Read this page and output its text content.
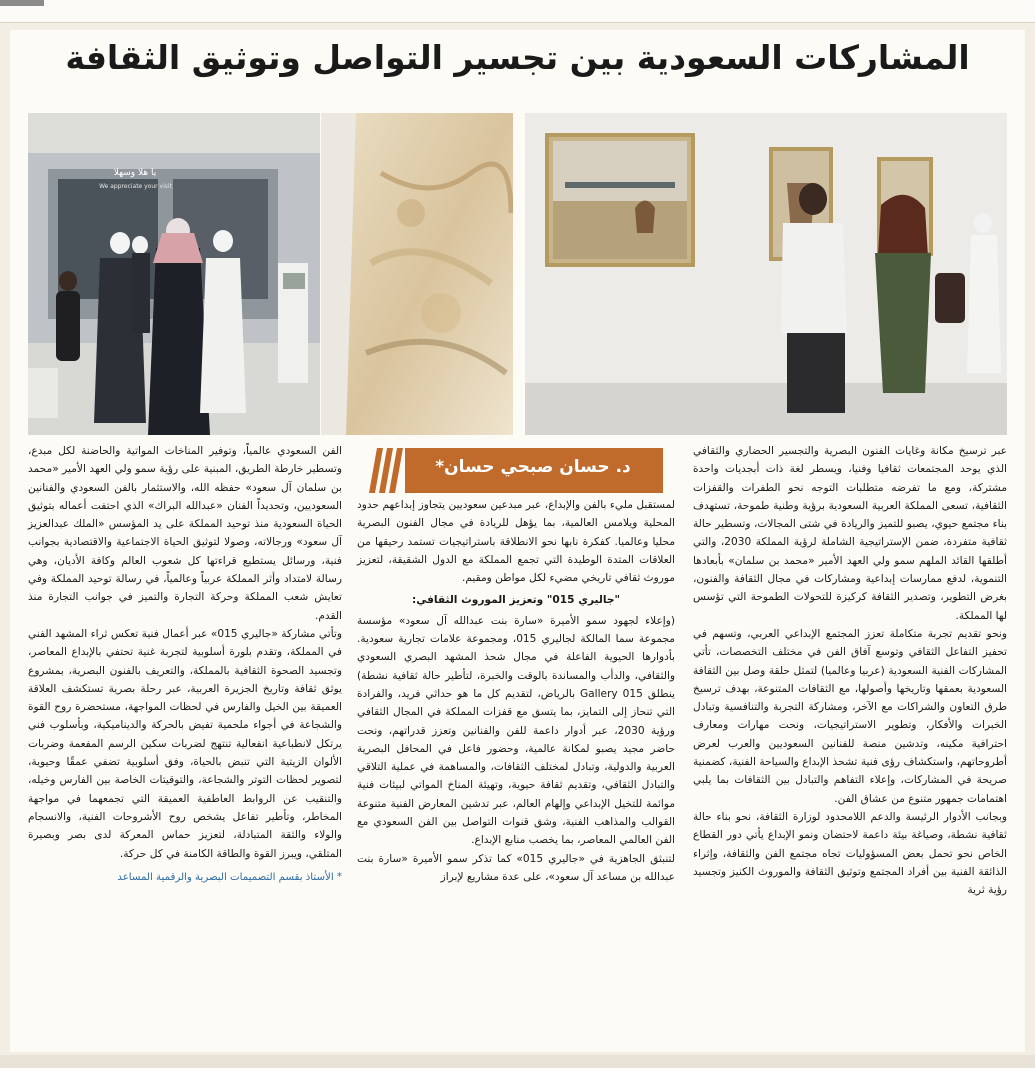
المشاركات السعودية بين تجسير التواصل وتوثيق الثقافة
يا هلا وسهلا
We appreciate your visit

عبر ترسيخ مكانة وغايات الفنون البصرية والتجسير الحضاري والثقافي الذي يوحد المجتمعات ثقافيا وفنيا، ويسطر لغة ذات أبجديات واحدة مشتركة، ومع ما تفرضه متطلبات التوجه نحو الطفرات والقفزات الثقافية، تسعى المملكة العربية السعودية برؤية وطنية طموحة، تستهدف بناء مجتمع حيوي، يصبو للتميز والريادة في شتى المجالات، وتسطير حالة ثقافية متفردة، ضمن الإستراتيجية الشاملة لرؤية المملكة 2030، والتي أطلقها القائد الملهم سمو ولي العهد الأمير «محمد بن سلمان» بأبعادها التنموية، لدفع ممارسات إبداعية ومشاركات في مجال الثقافة والفنون، بغرض التطوير، وتصدير الثقافة كركيزة للتحولات الطموحة التي تؤسس لها المملكة.

ونحو تقديم تجربة متكاملة تعزز المجتمع الإبداعي العربي، وتسهم في تحفيز التفاعل الثقافي وتوسع آفاق الفن في مختلف التخصصات، تأتي المشاركات الفنية السعودية (عربيا وعالميا) لتمثل حلقة وصل بين الثقافة السعودية بعمقها وتاريخها وأصولها، مع الثقافات المتنوعة، بهدف ترسيخ طرق التعاون والشراكات مع الآخر، ومشاركة التجربة والتنافسية وتبادل الخبرات والأفكار، وتطوير الاستراتيجيات، ونحت مهارات ومعارف احترافية مكينه، وتدشين منصة للفنانين السعوديين والعرب لعرض أطروحاتهم، واستكشاف رؤى فنية تشحذ الإبداع والسياحة الفنية، كضمنية صريحة في المشاركات، وإعلاء التفاهم والتبادل بين الثقافات بما يلبي اهتمامات جمهور متنوع من عشاق الفن.

وبجانب الأدوار الرئيسة والدعم اللامحدود لوزارة الثقافة، نحو بناء حالة ثقافية نشطة، وصياغة بيئة داعمة لاحتضان ونمو الإبداع يأتي دور القطاع الخاص نحو تحمل بعض المسؤوليات تجاه مجتمع الفن والثقافة، وإثراء الذائقة الفنية بين أفراد المجتمع وتوثيق الثقافة والموروث الكنيز وتجسيد رؤية ثرية

د. حسان صبحي حسان*

لمستقبل مليء بالفن والإبداع، عبر مبدعين سعوديين يتجاوز إبداعهم حدود المحلية ويلامس العالمية، بما يؤهل للريادة في مجال الفنون البصرية محليا وعالميا. كفكرة نابها نحو الانطلاقة باستراتيجيات تستمد رحيقها من العلاقات المتدة الوطيدة التي تجمع المملكة مع الدول الشقيقة، لتعزيز موروث ثقافي تاريخي مضيء لكل مواطن ومقيم.

"جاليري 015" وتعزيز الموروث الثقافي:

(وإعلاء لجهود سمو الأميرة «سارة بنت عبدالله آل سعود» مؤسسة مجموعة سما المالكة لجاليري 015، ومجموعة علامات تجارية سعودية. بأدوارها الحيوية الفاعلة في مجال شحذ المشهد البصري السعودي والثقافي، والدأب والمساندة بالوقت والخبرة، لتأطير حالة ثقافية نشطة) ينطلق Gallery 015 بالرياض، لتقديم كل ما هو حداثي فريد، والفرادة التي تنحاز إلى التمايز، بما يتسق مع قفزات المملكة في المجال الثقافي ورؤية 2030، عبر أدوار داعمة للفن والفنانين وتعزز قدراتهم، ونحت حاضر مجيد يصبو لمكانة عالمية، وحضور فاعل في المحافل البصرية العربية والدولية، وتبادل لمختلف الثقافات، والمساهمة في عملية التلاقي والتبادل الثقافي، وتقديم ثقافة حيوية، وتهيئة المناخ المواتي لبيئات فنية موائمة للتخيل الإبداعي وإلهام العالم، عبر تدشين المعارض الفنية متنوعة القوالب والمذاهب الفنية، وشق قنوات التواصل بين الفن السعودي مع الفن العالمي المعاصر، بما يخصب منابع الإبداع.

لتنبثق الجاهزية في «جاليري 015» كما تذكر سمو الأميرة «سارة بنت عبدالله بن مساعد آل سعود»، على عدة مشاريع لإبراز

الفن السعودي عالمياً، وتوفير المناخات المواتية والحاضنة لكل مبدع، وتسطير خارطة الطريق، المبنية على رؤية سمو ولي العهد الأمير «محمد بن سلمان آل سعود» حفظه الله، والاستثمار بالفن السعودي والفنانين السعوديين، وتحديداً الفنان «عبدالله البراك» الذي احتفت أعماله بتوثيق الحياة السعودية منذ توحيد المملكة على يد المؤسس «الملك عبدالعزيز آل سعود» ورجالاته، وصولا لتوثيق الحياة الاجتماعية والاقتصادية بجوانب فنية، ورسائل يستطيع قراءتها كل شعوب العالم وكافة الأديان، وهي رسالة لامتداد وأثر المملكة عربياً وعالمياً، في رسالة توحيد المملكة وفي تعايش شعب المملكة وحركة التجارة والتميز في جوانب التجارة منذ القدم.

وتأتي مشاركة «جاليري 015» عبر أعمال فنية تعكس ثراء المشهد الفني في المملكة، وتقدم بلورة أسلوبية لتجربة غنية تحتفي بالإبداع المعاصر، وتجسيد الصحوة الثقافية بالمملكة، والتعريف بالفنون البصرية، بمشروع يوثق ثقافة وتاريخ الجزيرة العربية، عبر رحلة بصرية تستكشف العلاقة العميقة بين الخيل والفارس في لحظات المواجهة، مستحضرة روح القوة والشجاعة في أجواء ملحمية تفيض بالحركة والديناميكية، وبأسلوب فني يرتكل لانطباعية انفعالية تنتهج لضربات سكين الرسم المفعمة وضربات الألوان الزيتية التي تنبض بالحياة، وفق أسلوبية تضفي عمقًا وحيوية، لتصوير لحظات التوتر والشجاعة، والتوقيتات الخاصة بين الفارس وخيله، والتنقيب عن الروابط العاطفية العميقة التي تجمعهما في مواجهة المخاطر، وتأطير تفاعل يشخص روح الأشروحات الفنية، والانسجام والولاء والثقة المتبادلة، لتعزيز حماس المعركة لدى بصر وبصيرة المتلقي، ويبرز القوة والطاقة الكامنة في كل حركة.

* الأستاذ بقسم التصميمات البصرية والرقمية المساعد
